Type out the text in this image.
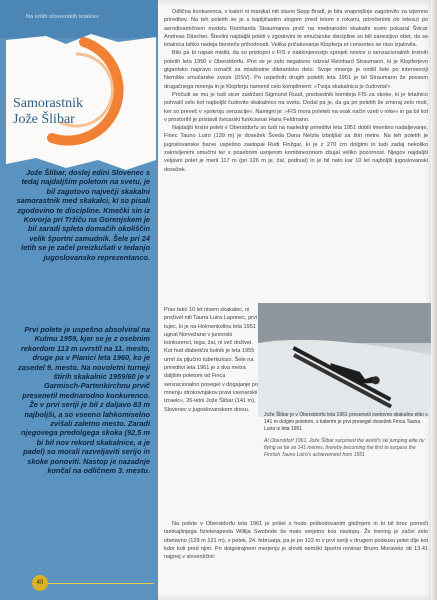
Na krilih slovenskih letalcev
Samorastnik
Jože Šlibar
Jože Šlibar, doslej edini Slovenec s tedaj najdaljšim poletom na svetu, je bil zagotovo največji skakalni samorastnik med skakalci, ki so pisali zgodovino te discipline. Kmečki sin iz Kovorja pri Tržiču na Gorenjskem je bil zaradi spleta domačih okoliščin velik športni zamudnik. Šele pri 24 letih se je začel preizkušati v tedanjo jugoslovansko reprezentanco.
Prvi polete je uspešno absolviral na Kulmu 1959, kjer se je z osebnim rekordom 113 m uvrstil na 11. mesto, druge pa v Planici leta 1960, ko je zasedel 9. mesto. Na novoletni turneji štirih skakalnic 1959/60 je v Garmisch-Partenkirchnu prvič presenetil mednarodno konkurenco. Že v prvi seriji je bil z daljavo 83 m najboljši, a so vseeno lahkomiselno zvišali zaletno mesto. Zaradi njegovega predolgega skoka (92,5 m bi bil nov rekord skakalnice, a je padel) so morali razveljaviti serijo in skoke ponoviti. Nastop je nazadnje končal na odličnem 3. mestu.
40

Odlična konkurenca, v kateri ni manjkal niti slavni Sepp Bradl, je bila vnaprejšnje zagotovilo za izjemno prireditev. Na teh poletih se je s kapljičastim slogom (med letom z rokami, priročenimi ob telesu) po aerodinamičnem modelu Reinharda Straumanna prvič na mednarodni skakalni sceni pokazal Švicar Andreas Däscher. Številni najdaljši poleti v zgodovini te smučarske discipline so bili zanesljivo obet, da se letalnica lahko nadeja blestečе prihodnosti. Velika pričakovanja Klopferja et consortes se niso izjalovila.

Bilo pa bi napak misliti, da so pristopni v FIS z naklonjenostjo sprejeli novice o senzacionalnih krstnih poletih leta 1950 v Oberstdorfu. Prvi se je zelo negativno odzval Reinhard Straumann, ki je Klopferjevo gigantsko napravo označil za mladostne diletantsko delo. Svoje mnenje je omilil šele po intervenciji Nemške smučarske zveze (DSV). Po uspešnih drugih poletih leta 1951 je bil Straumann že povsem drugačnega mnenja in je Klopferju namenil celo kompliment: »Tvoja skakalnica je čudovita!«

Pročuiti se mu je tudi sicer zadržani Sigmund Ruud, predsednik komiteja FIS za skoke, ki je letalnico pohvalil celo kot najboljši čudovito skakalnico na svetu. Dodal pa je, da ga pri poletih že zmeraj zelo moti, ker so preveč v »pokroju senzacije«. Namigni je: »FIS mora poleteti na vsak način vzeti v roke« in ga bil kot v prostorihl je pristavil švicarski funkcionar Hans Feldmann.

Najdaljši krstni poleti v Oberstdorfu so tudi na naslednji prireditvi leta 1951 dobili imenitno nadaljevanje. Finec Tauno Luiro (139 m) je dosežek Švedа Dana Netzla izboljšal za štiri metre. Na teh poletih je jugoslovanske barve uspešno zastopal Rudi Finžgar, ki je z 270 cm dolgimi in tudi zadaj nekoliko zakrivljenimi smučmi ter s posebnim usnjenim kombinezonom zbujal veliko pozornost. Njegov najdaljši veljavni polet je meril 117 m (pri 126 m je, žal, podrsal) in je bil nato kar 10 let najboljši jugoslovanski dosežek.

Prav tako 10 let nisem skakalec, ni preživel niti Tauna Luira Laponec, prvi tujec, ki je na Holmenkollnu leta 1951 ugnal Norvežane v juniorski konkurenci, tega, žal, ni več doživel. Kot hud diabetični bolnik je leta 1955 umrl za pljučno tuberkulozo. Šele na prireditvi leta 1961 je z dva metra daljšim poletom od Finca senzacionalno posegel v dogajanje po mnenju strokovnjakov pravi vsenarskii izraelc«, 26-letni Jože Šlibar (141 m), Slovenec v jugoslovanskem dresu.
Jože Šlibar je v Oberstdorfu leta 1961 presenetil svetovno skakalno elito s 141 m dolgim poletom, s katerim je prvi presegel dosežek Finca Tauna Luira iz leta 1951
At Oberstdorf 1961, Jože Šlibar surprised the world's ski jumping elite by flying as far as 141 metres, thereby becoming the first to surpass the Finnish Tauno Luiro's achievement from 1951

Na polete v Oberstdorfu leta 1961 je prišel s hudo poškodovanim gležnjem in bi bil brez pomoči tamkajšnjega fizioterapevta Willija Swobode še malo verjetno kos nastopu. Že trening je začel zelo obetavno (129 m 131 m), v petek, 24. februarja, pa je po 122 m v prvi seriji v drugem poskusu polet dlje kot kdor koli pred njim. Po dolgotrajnem merjenju je slovitі nemški športni novinar Bruno Moravetz ob 13.41 najprej v slovenščini:
